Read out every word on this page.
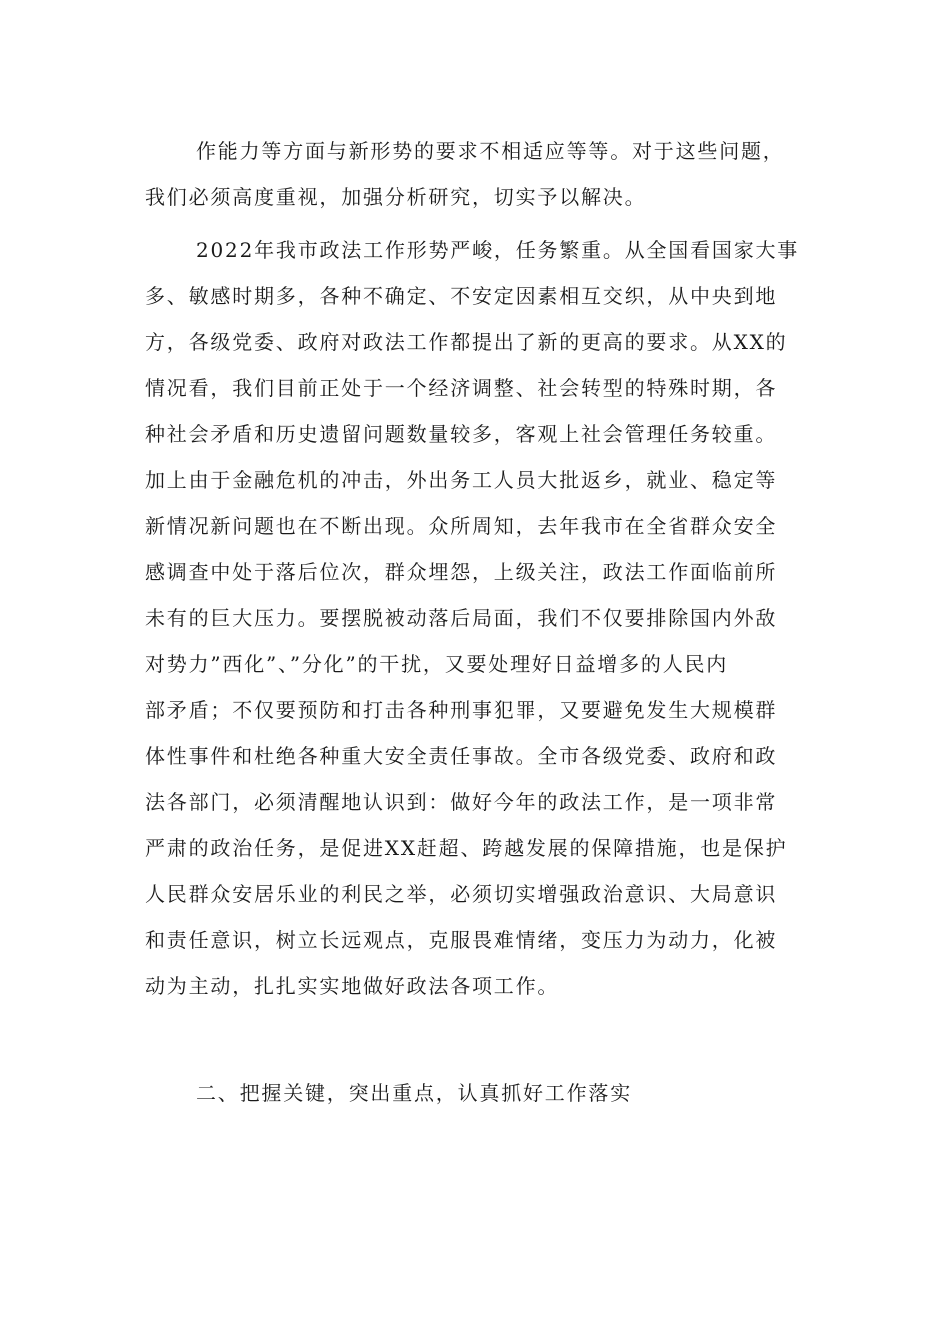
作能力等方面与新形势的要求不相适应等等。对于这些问题，
我们必须高度重视，加强分析研究，切实予以解决。
2022年我市政法工作形势严峻，任务繁重。从全国看国家大事
多、敏感时期多，各种不确定、不安定因素相互交织，从中央到地
方，各级党委、政府对政法工作都提出了新的更高的要求。从XX的
情况看，我们目前正处于一个经济调整、社会转型的特殊时期，各
种社会矛盾和历史遗留问题数量较多，客观上社会管理任务较重。
加上由于金融危机的冲击，外出务工人员大批返乡，就业、稳定等
新情况新问题也在不断出现。众所周知，去年我市在全省群众安全
感调查中处于落后位次，群众埋怨，上级关注，政法工作面临前所
未有的巨大压力。要摆脱被动落后局面，我们不仅要排除国内外敌
对势力”西化”、”分化”的干扰，又要处理好日益增多的人民内
部矛盾；不仅要预防和打击各种刑事犯罪，又要避免发生大规模群
体性事件和杜绝各种重大安全责任事故。全市各级党委、政府和政
法各部门，必须清醒地认识到：做好今年的政法工作，是一项非常
严肃的政治任务，是促进XX赶超、跨越发展的保障措施，也是保护
人民群众安居乐业的利民之举，必须切实增强政治意识、大局意识
和责任意识，树立长远观点，克服畏难情绪，变压力为动力，化被
动为主动，扎扎实实地做好政法各项工作。
二、把握关键，突出重点，认真抓好工作落实
